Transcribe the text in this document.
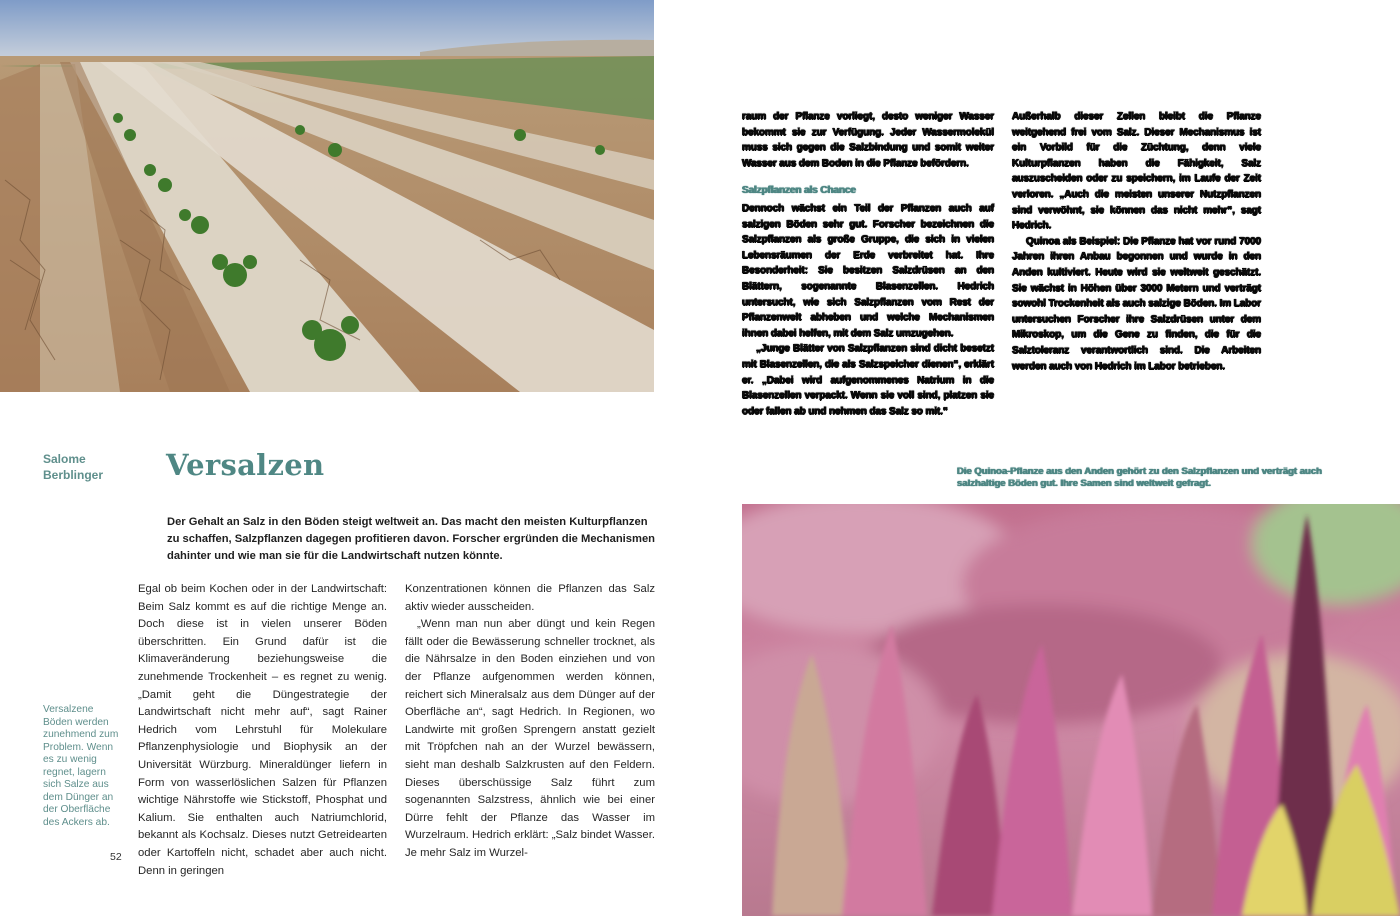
Salome
Berblinger Versalzen

Der Gehalt an Salz in den Böden steigt weltweit an. Das macht den meisten Kulturpflanzen zu schaffen, Salzpflanzen dagegen profitieren davon. Forscher ergründen die Mechanismen dahinter und wie man sie für die Landwirtschaft nutzen könnte.

Egal ob beim Kochen oder in der Landwirtschaft: Beim Salz kommt es auf die richtige Menge an. Doch diese ist in vielen unserer Böden überschritten. Ein Grund dafür ist die Klimaveränderung beziehungsweise die zunehmende Trockenheit – es regnet zu wenig. „Damit geht die Düngestrategie der Landwirtschaft nicht mehr auf“, sagt Rainer Hedrich vom Lehrstuhl für Molekulare Pflanzenphysiologie und Biophysik an der Universität Würzburg. Mineraldünger liefern in Form von wasserlöslichen Salzen für Pflanzen wichtige Nährstoffe wie Stickstoff, Phosphat und Kalium. Sie enthalten auch Natriumchlorid, bekannt als Kochsalz. Dieses nutzt Getreidearten oder Kartoffeln nicht, schadet aber auch nicht. Denn in geringen

Konzentrationen können die Pflanzen das Salz aktiv wieder ausscheiden.

„Wenn man nun aber düngt und kein Regen fällt oder die Bewässerung schneller trocknet, als die Nährsalze in den Boden einziehen und von der Pflanze aufgenommen werden können, reichert sich Mineralsalz aus dem Dünger auf der Oberfläche an“, sagt Hedrich. In Regionen, wo Landwirte mit großen Sprengern anstatt gezielt mit Tröpfchen nah an der Wurzel bewässern, sieht man deshalb Salzkrusten auf den Feldern. Dieses überschüssige Salz führt zum sogenannten Salzstress, ähnlich wie bei einer Dürre fehlt der Pflanze das Wasser im Wurzelraum. Hedrich erklärt: „Salz bindet Wasser. Je mehr Salz im Wurzel-

Versalzene Böden werden zunehmend zum Problem. Wenn es zu wenig regnet, lagern sich Salze aus dem Dünger an der Oberfläche des Ackers ab.

52

raum der Pflanze vorliegt, desto weniger Wasser bekommt sie zur Verfügung. Jeder Wassermolekül muss sich gegen die Salzbindung und somit weiter Wasser aus dem Boden in die Pflanze befördern.

Salzpflanzen als Chance

Dennoch wächst ein Teil der Pflanzen auch auf salzigen Böden sehr gut. Forscher bezeichnen die Salzpflanzen als große Gruppe, die sich in vielen Lebensräumen der Erde verbreitet hat. Ihre Besonderheit: Sie besitzen Salzdrüsen an den Blättern, sogenannte Blasenzellen. Hedrich untersucht, wie sich Salzpflanzen vom Rest der Pflanzenwelt abheben und welche Mechanismen ihnen dabei helfen, mit dem Salz umzugehen.

„Junge Blätter von Salzpflanzen sind dicht besetzt mit Blasenzellen, die als Salzspeicher dienen“, erklärt er. „Dabei wird aufgenommenes Natrium in die Blasenzellen verpackt. Wenn sie voll sind, platzen sie oder fallen ab und nehmen das Salz so mit.“

Außerhalb dieser Zellen bleibt die Pflanze weitgehend frei vom Salz. Dieser Mechanismus ist ein Vorbild für die Züchtung, denn viele Kulturpflanzen haben die Fähigkeit, Salz auszuscheiden oder zu speichern, im Laufe der Zeit verloren. „Auch die meisten unserer Nutzpflanzen sind verwöhnt, sie können das nicht mehr“, sagt Hedrich.

Quinoa als Beispiel: Die Pflanze hat vor rund 7000 Jahren ihren Anbau begonnen und wurde in den Anden kultiviert. Heute wird sie weltweit geschätzt. Sie wächst in Höhen über 3000 Metern und verträgt sowohl Trockenheit als auch salzige Böden. Im Labor untersuchen Forscher ihre Salzdrüsen unter dem Mikroskop, um die Gene zu finden, die für die Salztoleranz verantwortlich sind. Die Arbeiten werden auch von Hedrich im Labor betrieben.

Die Quinoa-Pflanze aus den Anden gehört zu den Salzpflanzen und verträgt auch salzhaltige Böden gut. Ihre Samen sind weltweit gefragt.
